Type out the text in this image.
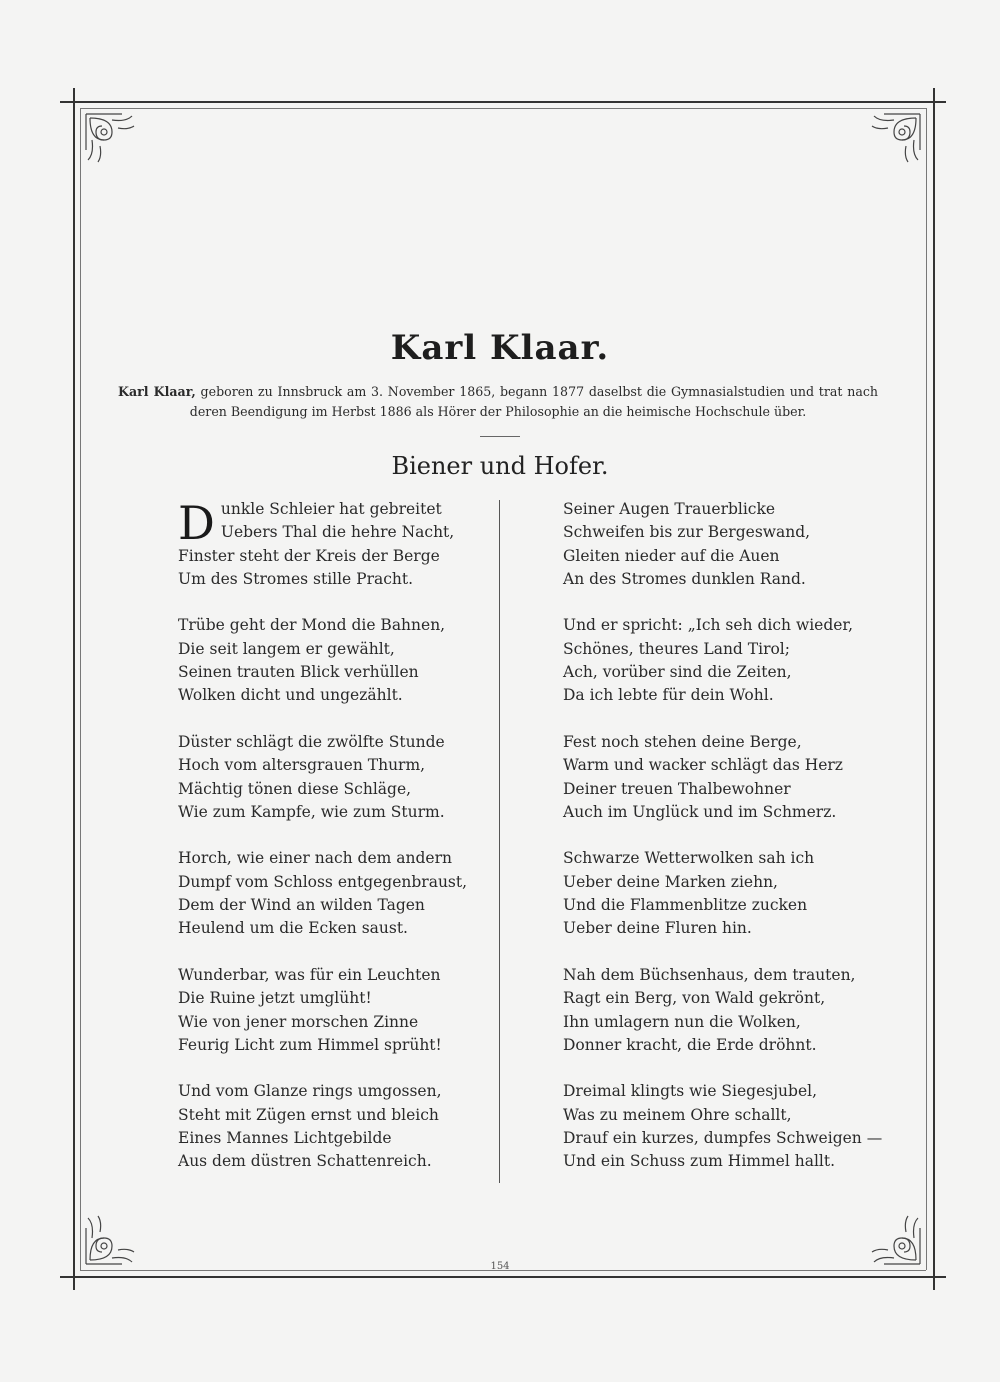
Karl Klaar.
Karl Klaar, geboren zu Innsbruck am 3. November 1865, begann 1877 daselbst die Gymnasialstudien und trat nach deren Beendigung im Herbst 1886 als Hörer der Philosophie an die heimische Hochschule über.
Biener und Hofer.
D unkle Schleier hat gebreitet
Uebers Thal die hehre Nacht,
Finster steht der Kreis der Berge
Um des Stromes stille Pracht.
Trübe geht der Mond die Bahnen,
Die seit langem er gewählt,
Seinen trauten Blick verhüllen
Wolken dicht und ungezählt.
Düster schlägt die zwölfte Stunde
Hoch vom altersgrauen Thurm,
Mächtig tönen diese Schläge,
Wie zum Kampfe, wie zum Sturm.
Horch, wie einer nach dem andern
Dumpf vom Schloss entgegenbraust,
Dem der Wind an wilden Tagen
Heulend um die Ecken saust.
Wunderbar, was für ein Leuchten
Die Ruine jetzt umglüht!
Wie von jener morschen Zinne
Feurig Licht zum Himmel sprüht!
Und vom Glanze rings umgossen,
Steht mit Zügen ernst und bleich
Eines Mannes Lichtgebilde
Aus dem düstren Schattenreich.
Seiner Augen Trauerblicke
Schweifen bis zur Bergeswand,
Gleiten nieder auf die Auen
An des Stromes dunklen Rand.
Und er spricht: „Ich seh dich wieder,
Schönes, theures Land Tirol;
Ach, vorüber sind die Zeiten,
Da ich lebte für dein Wohl.
Fest noch stehen deine Berge,
Warm und wacker schlägt das Herz
Deiner treuen Thalbewohner
Auch im Unglück und im Schmerz.
Schwarze Wetterwolken sah ich
Ueber deine Marken ziehn,
Und die Flammenblitze zucken
Ueber deine Fluren hin.
Nah dem Büchsenhaus, dem trauten,
Ragt ein Berg, von Wald gekrönt,
Ihn umlagern nun die Wolken,
Donner kracht, die Erde dröhnt.
Dreimal klingts wie Siegesjubel,
Was zu meinem Ohre schallt,
Drauf ein kurzes, dumpfes Schweigen —
Und ein Schuss zum Himmel hallt.
154
